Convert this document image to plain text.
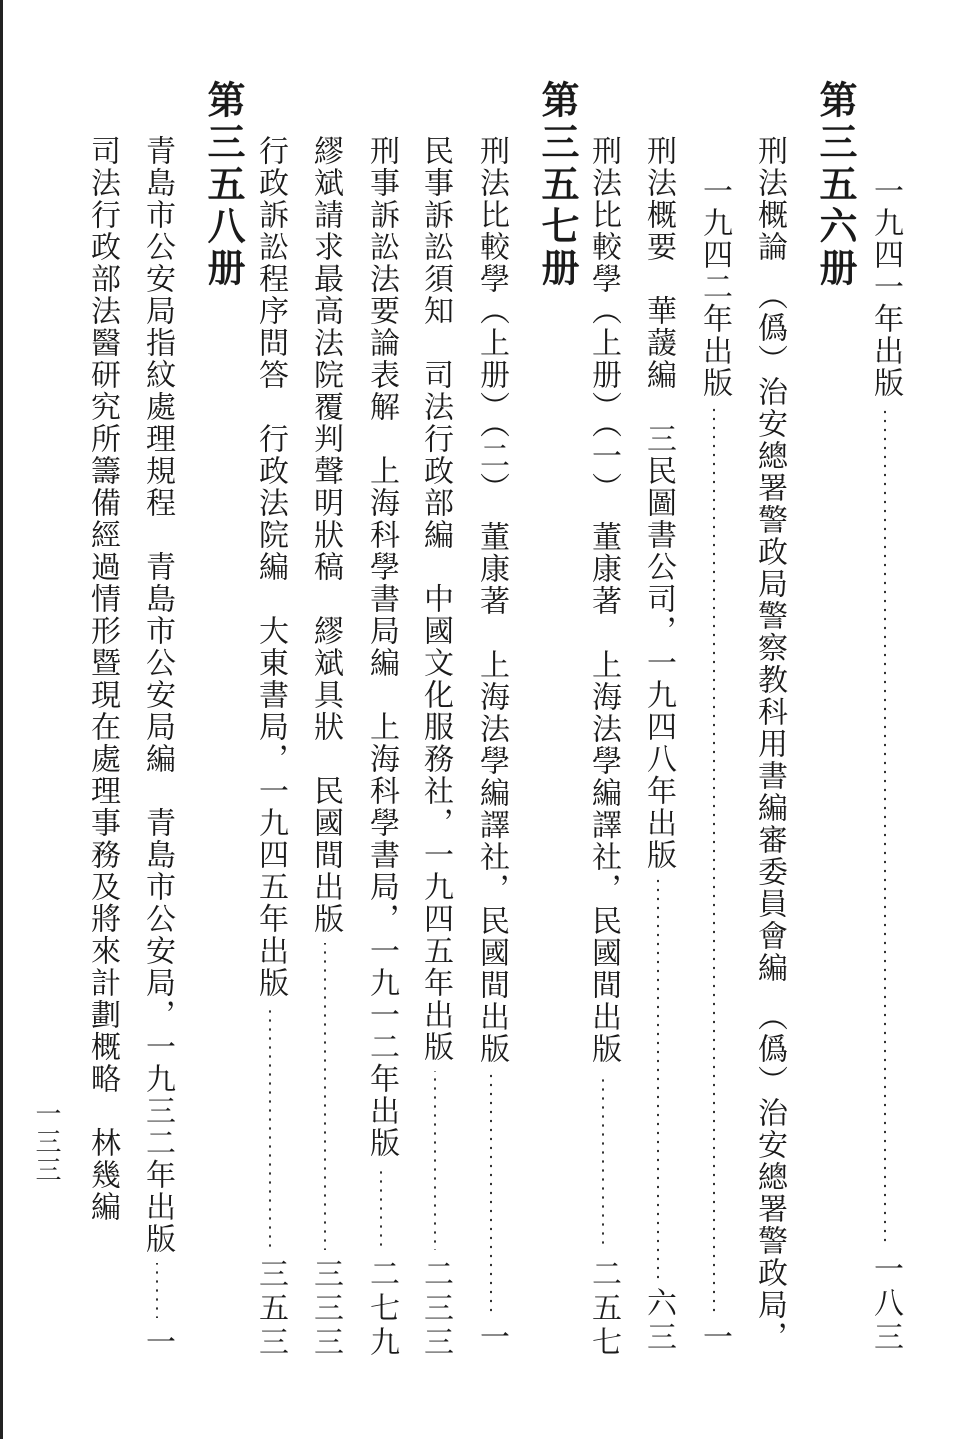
一九四一年出版
一八三
第三五六册
刑法概論　（僞）治安總署警政局警察教科用書編審委員會編　（僞）治安總署警政局，
一九四二年出版
一
刑法概要　華蘐編　三民圖書公司，一九四八年出版
六三
刑法比較學（上册）（一）　董康著　上海法學編譯社，民國間出版
二五七
第三五七册
刑法比較學（上册）（二）　董康著　上海法學編譯社，民國間出版
一
民事訴訟須知　司法行政部編　中國文化服務社，一九四五年出版
二三三
刑事訴訟法要論表解　上海科學書局編　上海科學書局，一九一二年出版
二七九
繆斌請求最高法院覆判聲明狀稿　繆斌具狀　民國間出版
三三三
行政訴訟程序問答　行政法院編　大東書局，一九四五年出版
三五三
第三五八册
青島市公安局指紋處理規程　青島市公安局編　青島市公安局，一九三二年出版
一
司法行政部法醫研究所籌備經過情形暨現在處理事務及將來計劃概略　林幾編
一三三
